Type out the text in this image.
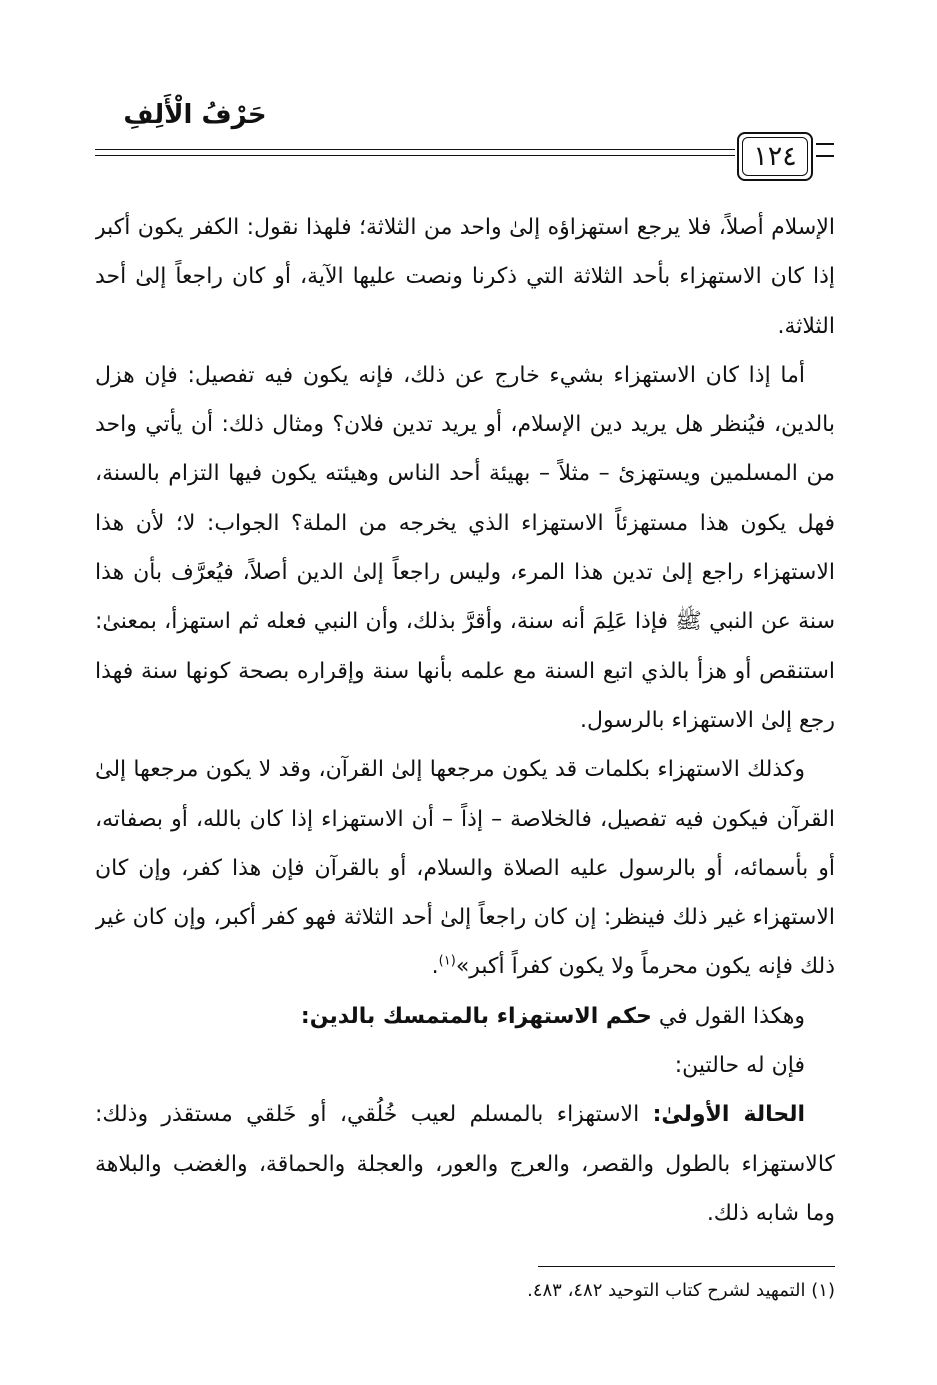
حَرْفُ الْأَلِفِ
١٢٤

الإسلام أصلاً، فلا يرجع استهزاؤه إلىٰ واحد من الثلاثة؛ فلهذا نقول: الكفر يكون أكبر إذا كان الاستهزاء بأحد الثلاثة التي ذكرنا ونصت عليها الآية، أو كان راجعاً إلىٰ أحد الثلاثة.

أما إذا كان الاستهزاء بشيء خارج عن ذلك، فإنه يكون فيه تفصيل: فإن هزل بالدين، فيُنظر هل يريد دين الإسلام، أو يريد تدين فلان؟ ومثال ذلك: أن يأتي واحد من المسلمين ويستهزئ – مثلاً – بهيئة أحد الناس وهيئته يكون فيها التزام بالسنة، فهل يكون هذا مستهزئاً الاستهزاء الذي يخرجه من الملة؟ الجواب: لا؛ لأن هذا الاستهزاء راجع إلىٰ تدين هذا المرء، وليس راجعاً إلىٰ الدين أصلاً، فيُعرَّف بأن هذا سنة عن النبي ﷺ فإذا عَلِمَ أنه سنة، وأقرَّ بذلك، وأن النبي فعله ثم استهزأ، بمعنىٰ: استنقص أو هزأ بالذي اتبع السنة مع علمه بأنها سنة وإقراره بصحة كونها سنة فهذا رجع إلىٰ الاستهزاء بالرسول.

وكذلك الاستهزاء بكلمات قد يكون مرجعها إلىٰ القرآن، وقد لا يكون مرجعها إلىٰ القرآن فيكون فيه تفصيل، فالخلاصة – إذاً – أن الاستهزاء إذا كان بالله، أو بصفاته، أو بأسمائه، أو بالرسول عليه الصلاة والسلام، أو بالقرآن فإن هذا كفر، وإن كان الاستهزاء غير ذلك فينظر: إن كان راجعاً إلىٰ أحد الثلاثة فهو كفر أكبر، وإن كان غير ذلك فإنه يكون محرماً ولا يكون كفراً أكبر»$^{(١)}$.

وهكذا القول في حكم الاستهزاء بالمتمسك بالدين:

فإن له حالتين:

الحالة الأولىٰ: الاستهزاء بالمسلم لعيب خُلُقي، أو خَلقي مستقذر وذلك: كالاستهزاء بالطول والقصر، والعرج والعور، والعجلة والحماقة، والغضب والبلاهة وما شابه ذلك.

(١) التمهيد لشرح كتاب التوحيد ٤٨٢، ٤٨٣.
